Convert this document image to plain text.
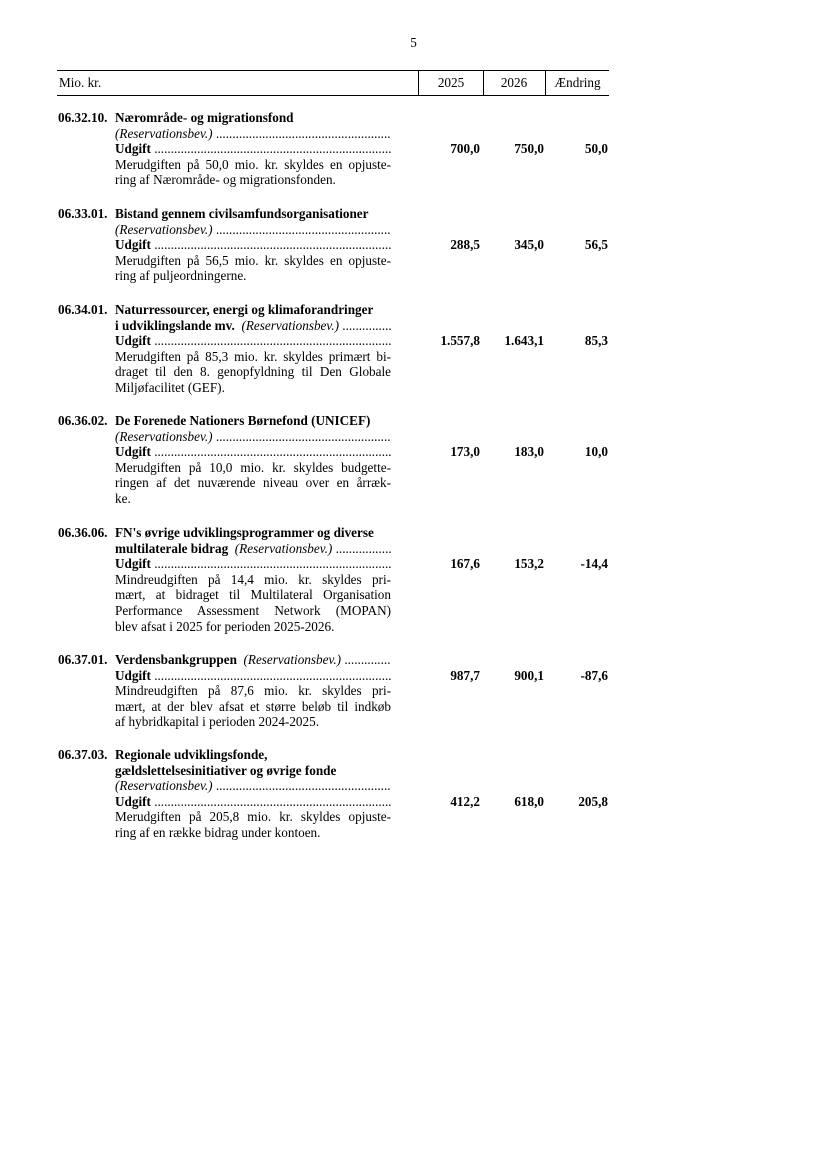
5
Mio. kr.	2025	2026	Ændring
06.32.10. Nærområde- og migrationsfond
(Reservationsbev.) .....
Udgift .....	700,0	750,0	50,0
Merudgiften på 50,0 mio. kr. skyldes en opjuste-
ring af Nærområde- og migrationsfonden.
06.33.01. Bistand gennem civilsamfundsorganisationer
(Reservationsbev.) .....
Udgift .....	288,5	345,0	56,5
Merudgiften på 56,5 mio. kr. skyldes en opjuste-
ring af puljeordningerne.
06.34.01. Naturressourcer, energi og klimaforandringer
i udviklingslande mv. (Reservationsbev.) .....
Udgift .....	1.557,8 1.643,1	85,3
Merudgiften på 85,3 mio. kr. skyldes primært bi-
draget til den 8. genopfyldning til Den Globale
Miljøfacilitet (GEF).
06.36.02. De Forenede Nationers Børnefond (UNICEF)
(Reservationsbev.) .....
Udgift .....	173,0	183,0	10,0
Merudgiften på 10,0 mio. kr. skyldes budgette-
ringen af det nuværende niveau over en årræk-
ke.
06.36.06. FN's øvrige udviklingsprogrammer og diverse
multilaterale bidrag (Reservationsbev.) .....
Udgift .....	167,6	153,2	-14,4
Mindreudgiften på 14,4 mio. kr. skyldes pri-
mært, at bidraget til Multilateral Organisation
Performance Assessment Network (MOPAN)
blev afsat i 2025 for perioden 2025-2026.
06.37.01. Verdensbankgruppen (Reservationsbev.) .....
Udgift .....	987,7	900,1	-87,6
Mindreudgiften på 87,6 mio. kr. skyldes pri-
mært, at der blev afsat et større beløb til indkøb
af hybridkapital i perioden 2024-2025.
06.37.03. Regionale udviklingsfonde,
gældslettelsesinitiativer og øvrige fonde
(Reservationsbev.) .....
Udgift .....	412,2	618,0	205,8
Merudgiften på 205,8 mio. kr. skyldes opjuste-
ring af en række bidrag under kontoen.
